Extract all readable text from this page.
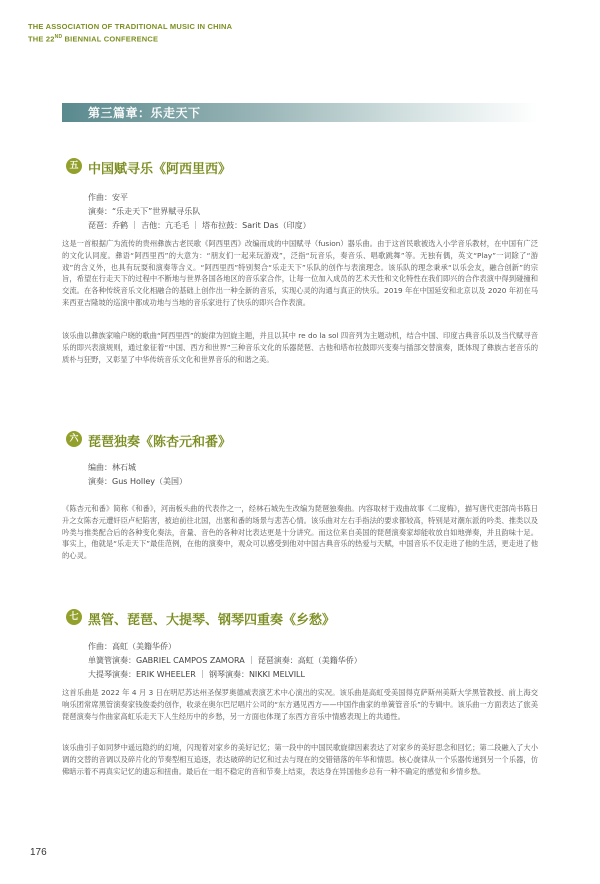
THE ASSOCIATION OF TRADITIONAL MUSIC IN CHINA
THE 22ND BIENNIAL CONFERENCE
第三篇章：乐走天下
五 中国赋寻乐《阿西里西》
作曲：安平
演奏：“乐走天下”世界赋寻乐队
琵琶：乔鹤 ｜ 吉他：亢毛毛 ｜ 塔布拉鼓：Sarit Das（印度）
这是一首根据广为流传的贵州彝族古老民歌《阿西里西》改编而成的中国赋寻（fusion）器乐曲。由于这首民歌被选入小学音乐教材，在中国有广泛的文化认同度。彝语“阿西里西”的大意为：“朋友们一起来玩游戏”，泛指“玩音乐，奏音乐、唱歌跳舞”等。无独有偶，英文“Play”一词除了“游戏”的含义外，也具有玩耍和演奏等含义。“阿西里西”特别契合“乐走天下”乐队的创作与表演理念。该乐队的理念秉承“以乐会友，融合创新”的宗旨，希望在行走天下的过程中不断地与世界各国各地区的音乐家合作，让每一位加入成员的艺术天性和文化特性在我们即兴的合作表演中得到碰撞和交流。在各种传统音乐文化相融合的基础上创作出一种全新的音乐，实现心灵的沟通与真正的快乐。2019 年在中国延安和北京以及 2020 年初在马来西亚吉隆坡的巡演中都成功地与当地的音乐家进行了快乐的即兴合作表演。
该乐曲以彝族家喻户晓的歌曲“阿西里西”的旋律为回旋主题，并且以其中 re do la sol 四音列为主题动机，结合中国、印度古典音乐以及当代赋寻音乐的即兴表演规则，通过象征着“中国、西方和世界”三种音乐文化的乐器琵琶、古他和塔布拉鼓即兴变奏与插部交替演奏，既体现了彝族古老音乐的质朴与狂野，又彰显了中华传统音乐文化和世界音乐的和谐之美。
六 琵琶独奏《陈杏元和番》
编曲：林石城
演奏：Gus Holley（美国）
《陈杏元和番》简称《和番》，河南板头曲的代表作之一，经林石城先生改编为琵琶独奏曲。内容取材于戏曲故事《二度梅》，描写唐代吏部尚书陈日升之女陈杏元遭奸臣卢杞陷害，被迫前往北国，出塞和番的场景与悲苦心情。该乐曲对左右手指法的要求都较高，特别是对潮东派的吟类、推类以及吟类与推类配合后的各种变化奏法，音量、音色的各种对比表达更是十分讲究。而这位来自美国的琵琶演奏家却能收放自如地弹奏，并且韵味十足。事实上，他就是“乐走天下”最佳范例，在他的演奏中，观众可以感受到他对中国古典音乐的热爱与天赋，中国音乐不仅走进了他的生活，更走进了他的心灵。
七 黑管、琵琶、大提琴、钢琴四重奏《乡愁》
作曲：高虹（美籍华侨）
单簧管演奏：GABRIEL CAMPOS ZAMORA ｜ 琵琶演奏：高虹（美籍华侨）
大提琴演奏：ERIK WHEELER ｜ 钢琴演奏：NIKKI MELVILL
这首乐曲是 2022 年 4 月 3 日在明尼苏达州圣保罗奥德威表演艺术中心演出的实况。该乐曲是高虹受美国得克萨斯州美斯大学黑管教授、前上海交响乐团常席黑管演奏家钱俊委约创作，收录在奥尔巴尼唱片公司的“东方遇见西方——中国作曲家的单簧管音乐”的专辑中。该乐曲一方面表达了旅美琵琶演奏与作曲家高虹乐走天下人生经历中的乡愁，另一方面也体现了东西方音乐中情感表现上的共通性。
该乐曲引子如同梦中遥远隐约的幻境，闪现着对家乡的美好记忆；第一段中的中国民歌旋律因素表达了对家乡的美好思念和回忆；第二段融入了大小调的交替的音调以及碎片化的节奏型相互追逐，表达破碎的记忆和过去与现在的交错错落的年华和情思。核心旋律从一个乐器传递到另一个乐器，仿佛暗示着不再真实记忆的遗忘和扭曲。最后在一组不稳定的音和节奏上结束，表达身在异国他乡总有一种不确定的感觉和乡情乡愁。
176
